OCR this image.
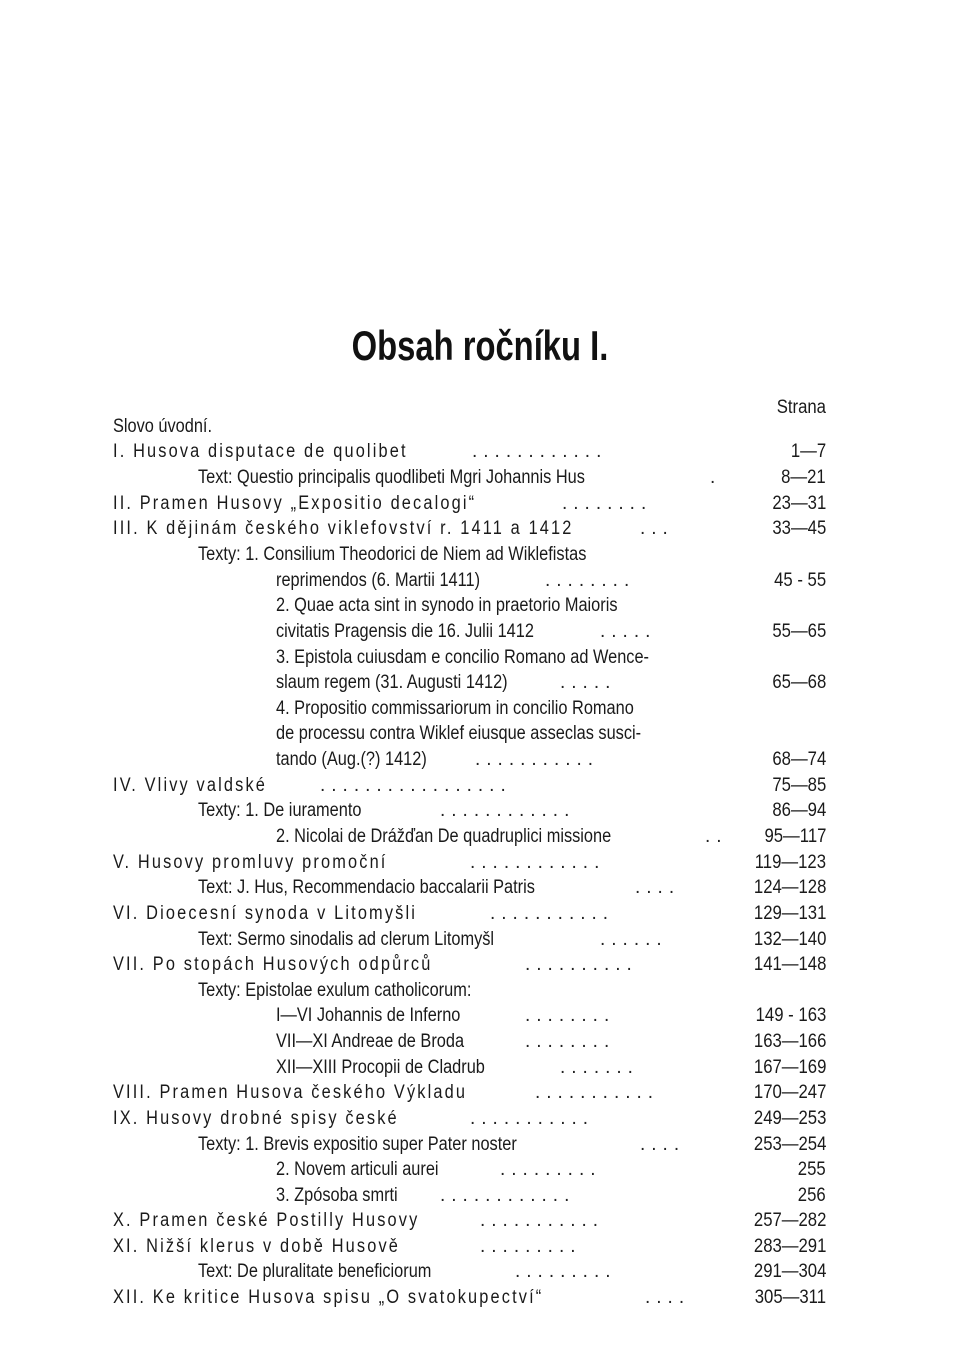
Obsah ročníku I.
Strana
Slovo úvodní.
I. Husova disputace de quolibet	............	1—7
Text: Questio principalis quodlibeti Mgri Johannis Hus	.	8—21
II. Pramen Husovy „Expositio decalogi“	........	23—31
III. K dějinám českého viklefovství r. 1411 a 1412	...	33—45
Texty: 1. Consilium Theodorici de Niem ad Wiklefistas
reprimendos (6. Martii 1411)	........	45 - 55
2. Quae acta sint in synodo in praetorio Maioris
civitatis Pragensis die 16. Julii 1412	.....	55—65
3. Epistola cuiusdam e concilio Romano ad Wence-
slaum regem (31. Augusti 1412)	.....	65—68
4. Propositio commissariorum in concilio Romano
de processu contra Wiklef eiusque asseclas susci-
tando (Aug.(?) 1412)	...........	68—74
IV. Vlivy valdské	.................	75—85
Texty: 1. De iuramento	............	86—94
2. Nicolai de Drážďan De quadruplici missione	.. 95—117
V. Husovy promluvy promoční	............	119—123
Text: J. Hus, Recommendacio baccalarii Patris	....	124—128
VI. Dioecesní synoda v Litomyšli	...........	129—131
Text: Sermo sinodalis ad clerum Litomyšl	......	132—140
VII. Po stopách Husových odpůrců	..........	141—148
Texty: Epistolae exulum catholicorum:
I—VI Johannis de Inferno	........	149 - 163
VII—XI Andreae de Broda	........	163—166
XII—XIII Procopii de Cladrub	.......	167—169
VIII. Pramen Husova českého Výkladu	...........	170—247
IX. Husovy drobné spisy české	...........	249—253
Texty: 1. Brevis expositio super Pater noster	....	253—254
2. Novem articuli aurei	.........	255
3. Zpósoba smrti ............	256
X. Pramen české Postilly Husovy	...........	257—282
XI. Nižší klerus v době Husově	.........	283—291
Text: De pluralitate beneficiorum	.........	291—304
XII. Ke kritice Husova spisu „O svatokupectví“	....	305—311
